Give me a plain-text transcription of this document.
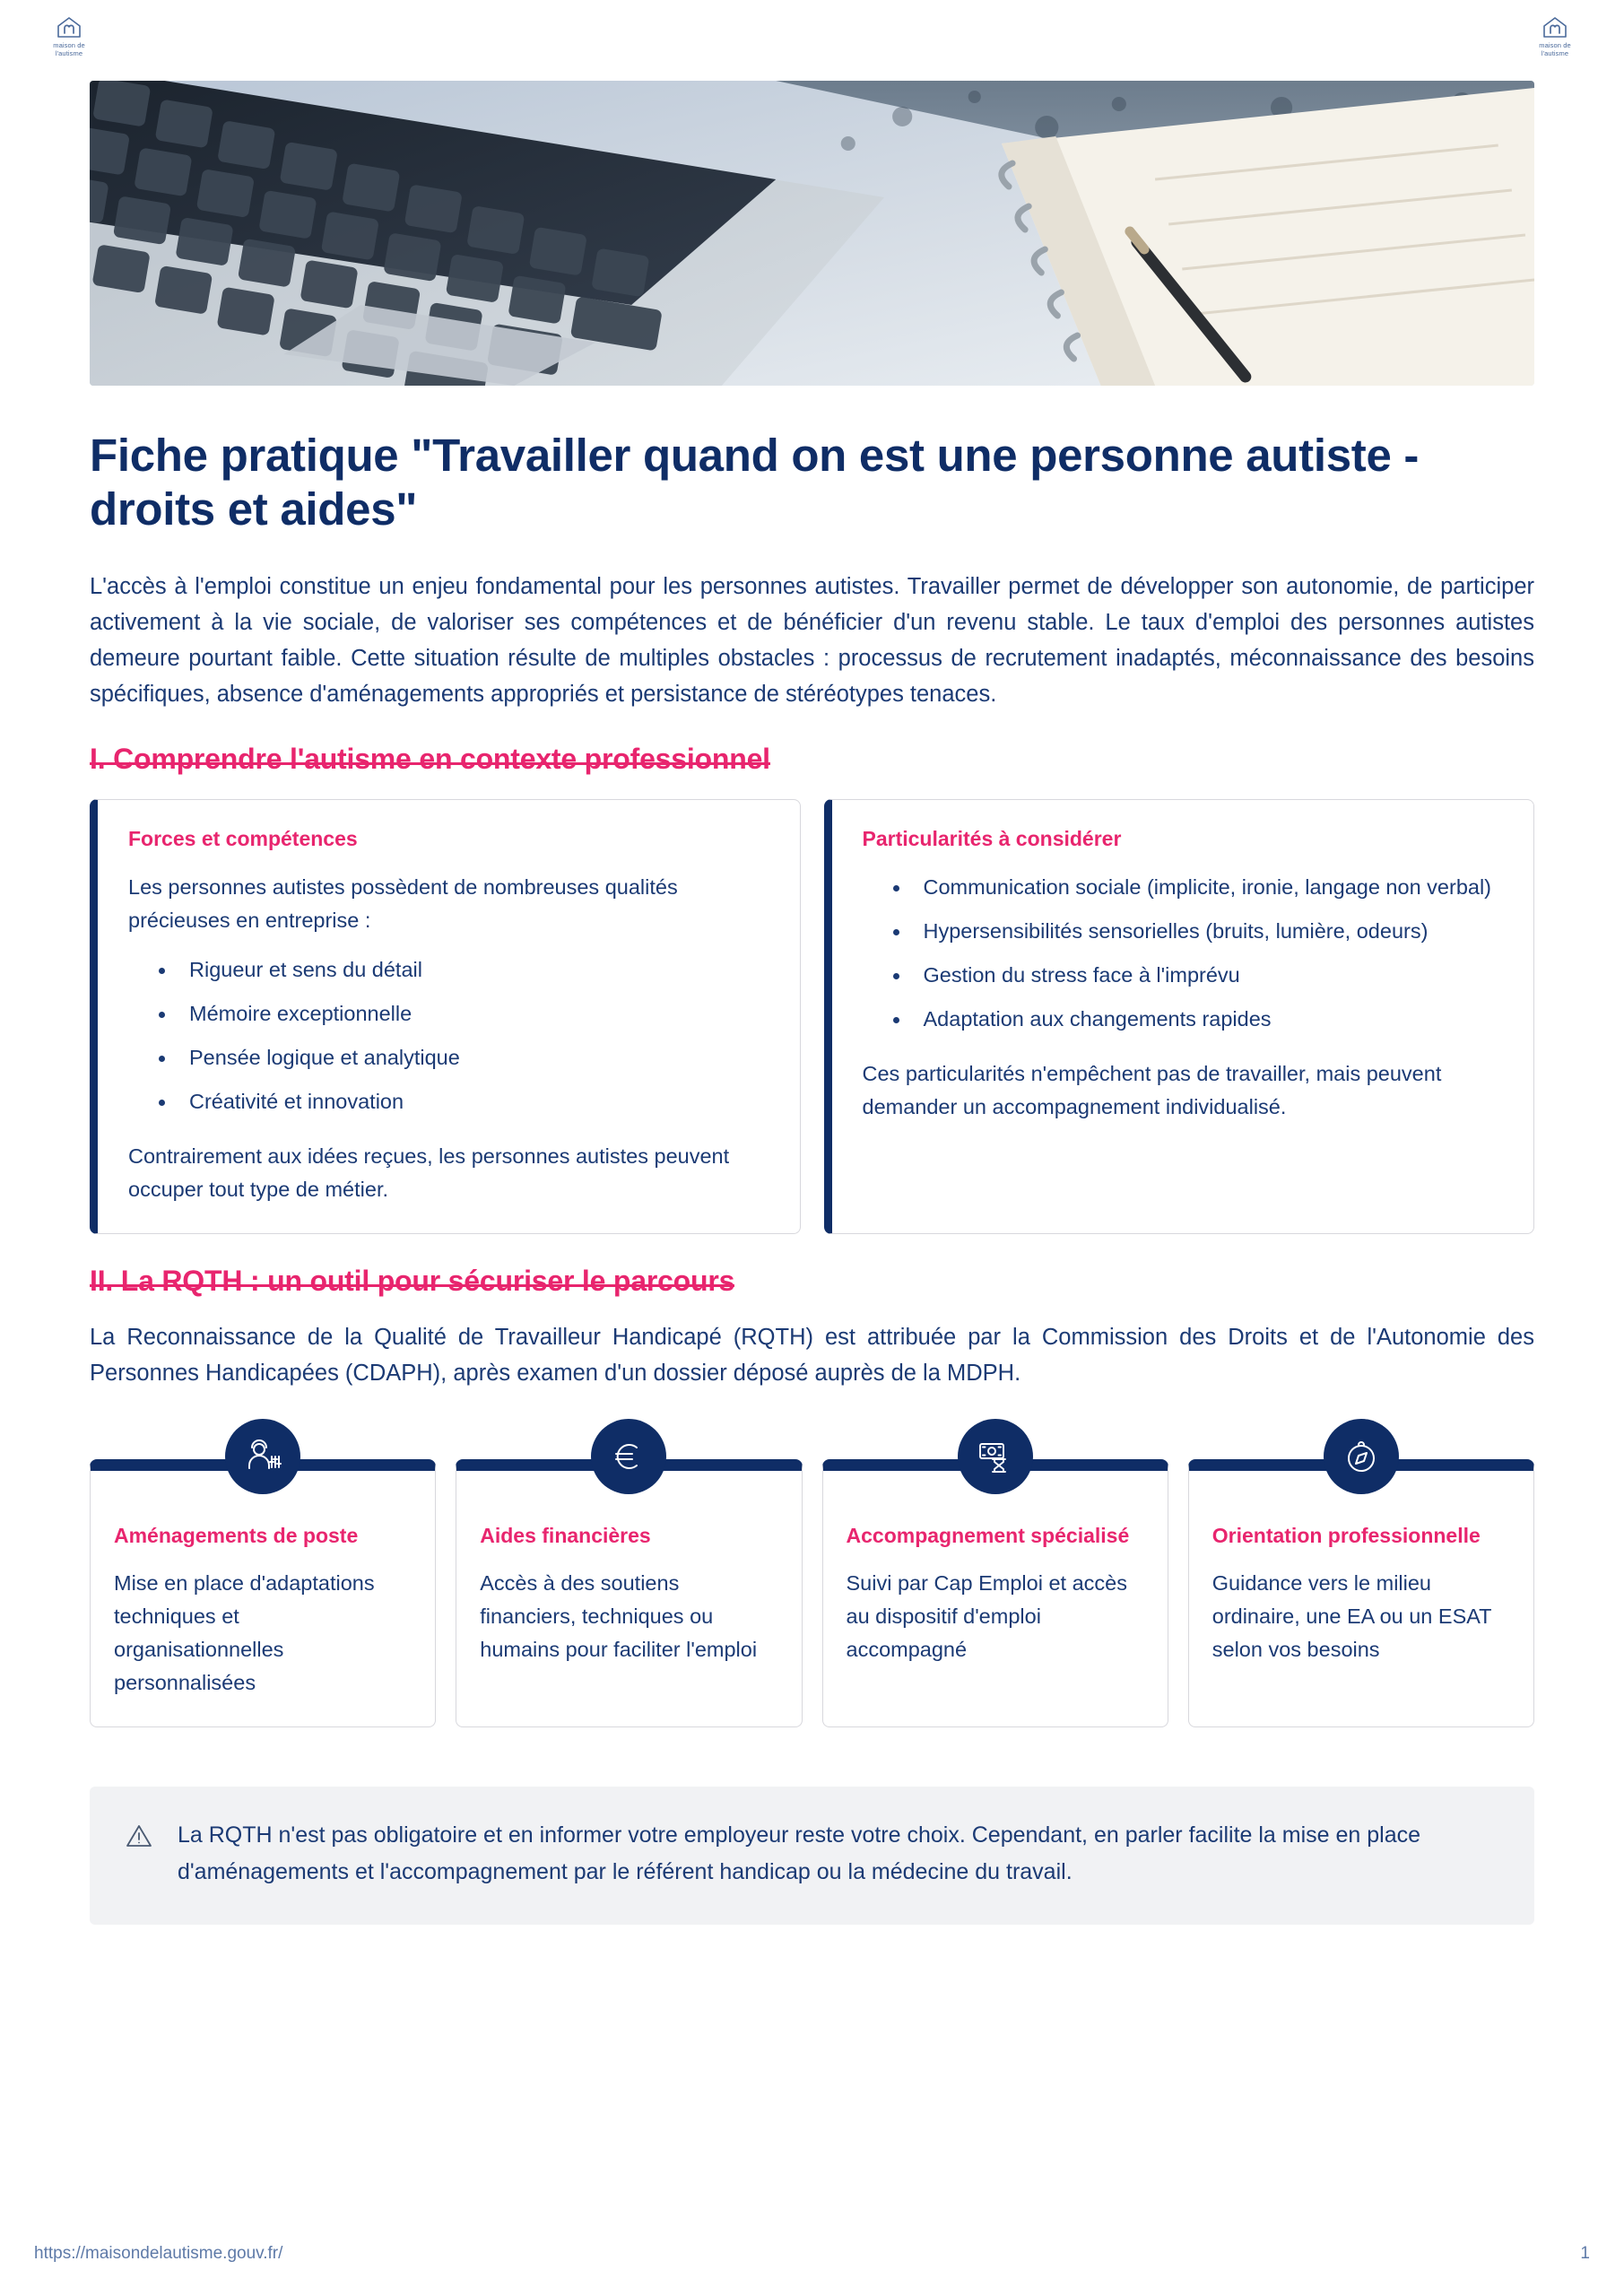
maison de
l'autisme
maison de
l'autisme
Fiche pratique "Travailler quand on est une personne autiste - droits et aides"

L'accès à l'emploi constitue un enjeu fondamental pour les personnes autistes. Travailler permet de développer son autonomie, de participer activement à la vie sociale, de valoriser ses compétences et de bénéficier d'un revenu stable. Le taux d'emploi des personnes autistes demeure pourtant faible. Cette situation résulte de multiples obstacles : processus de recrutement inadaptés, méconnaissance des besoins spécifiques, absence d'aménagements appropriés et persistance de stéréotypes tenaces.

I. Comprendre l'autisme en contexte professionnel
Forces et compétences

Les personnes autistes possèdent de nombreuses qualités précieuses en entreprise :

Rigueur et sens du détail
Mémoire exceptionnelle
Pensée logique et analytique
Créativité et innovation

Contrairement aux idées reçues, les personnes autistes peuvent occuper tout type de métier.

Particularités à considérer
Communication sociale (implicite, ironie, langage non verbal)
Hypersensibilités sensorielles (bruits, lumière, odeurs)
Gestion du stress face à l'imprévu
Adaptation aux changements rapides

Ces particularités n'empêchent pas de travailler, mais peuvent demander un accompagnement individualisé.

II. La RQTH : un outil pour sécuriser le parcours

La Reconnaissance de la Qualité de Travailleur Handicapé (RQTH) est attribuée par la Commission des Droits et de l'Autonomie des Personnes Handicapées (CDAPH), après examen d'un dossier déposé auprès de la MDPH.

Aménagements de poste

Mise en place d'adaptations techniques et organisationnelles personnalisées

Aides financières

Accès à des soutiens financiers, techniques ou humains pour faciliter l'emploi

Accompagnement spécialisé

Suivi par Cap Emploi et accès au dispositif d'emploi accompagné

Orientation professionnelle

Guidance vers le milieu ordinaire, une EA ou un ESAT selon vos besoins

La RQTH n'est pas obligatoire et en informer votre employeur reste votre choix. Cependant, en parler facilite la mise en place d'aménagements et l'accompagnement par le référent handicap ou la médecine du travail.

https://maisondelautisme.gouv.fr/	1
